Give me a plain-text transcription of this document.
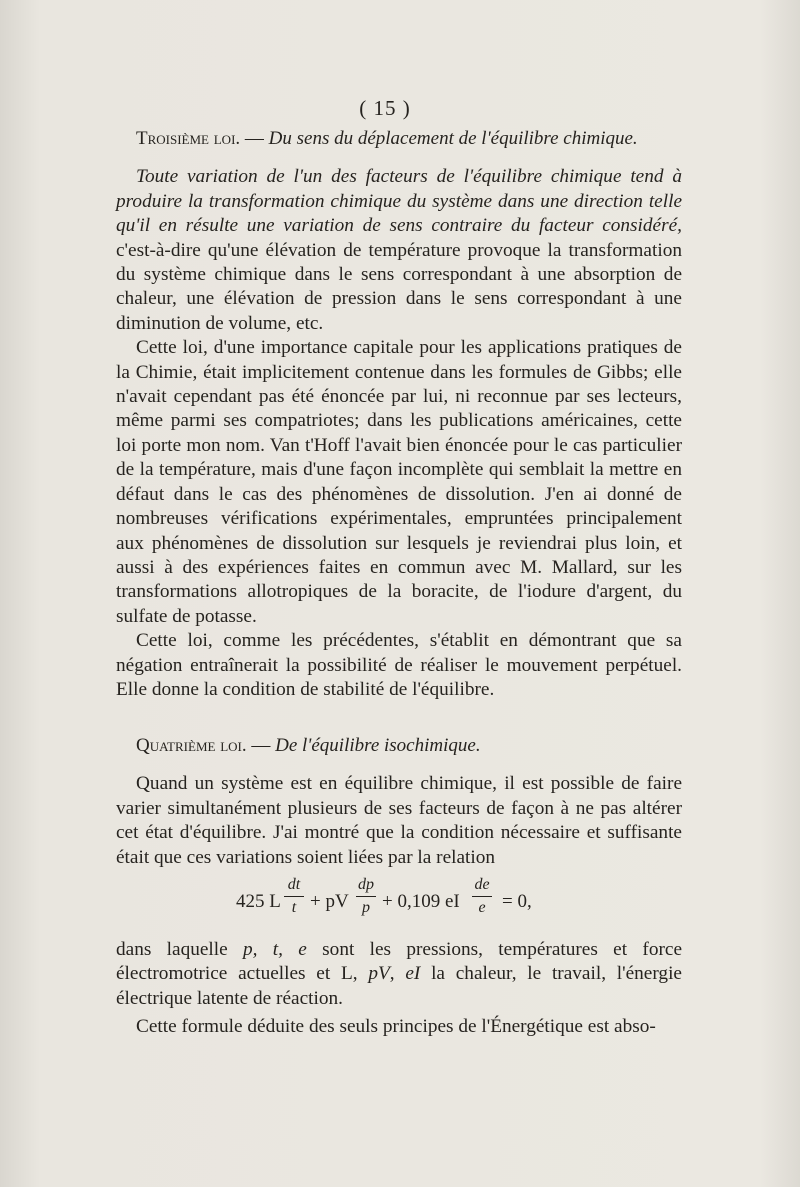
( 15 )

Troisième loi. — Du sens du déplacement de l'équilibre chimique.

Toute variation de l'un des facteurs de l'équilibre chimique tend à produire la transformation chimique du système dans une direction telle qu'il en résulte une variation de sens contraire du facteur considéré, c'est-à-dire qu'une élévation de température provoque la transformation du système chimique dans le sens correspondant à une absorption de chaleur, une élévation de pression dans le sens correspondant à une diminution de volume, etc.

Cette loi, d'une importance capitale pour les applications pratiques de la Chimie, était implicitement contenue dans les formules de Gibbs; elle n'avait cependant pas été énoncée par lui, ni reconnue par ses lecteurs, même parmi ses compatriotes; dans les publications américaines, cette loi porte mon nom. Van t'Hoff l'avait bien énoncée pour le cas particulier de la température, mais d'une façon incomplète qui semblait la mettre en défaut dans le cas des phénomènes de dissolution. J'en ai donné de nombreuses vérifications expérimentales, empruntées principalement aux phénomènes de dissolution sur lesquels je reviendrai plus loin, et aussi à des expériences faites en commun avec M. Mallard, sur les transformations allotropiques de la boracite, de l'iodure d'argent, du sulfate de potasse.

Cette loi, comme les précédentes, s'établit en démontrant que sa négation entraînerait la possibilité de réaliser le mouvement perpétuel. Elle donne la condition de stabilité de l'équilibre.

Quatrième loi. — De l'équilibre isochimique.

Quand un système est en équilibre chimique, il est possible de faire varier simultanément plusieurs de ses facteurs de façon à ne pas altérer cet état d'équilibre. J'ai montré que la condition nécessaire et suffisante était que ces variations soient liées par la relation

425 L
dt
t + pV
dp
p + 0,109 eI
de
e = 0,

dans laquelle p, t, e sont les pressions, températures et force électromotrice actuelles et L, pV, eI la chaleur, le travail, l'énergie électrique latente de réaction.

Cette formule déduite des seuls principes de l'Énergétique est abso-
